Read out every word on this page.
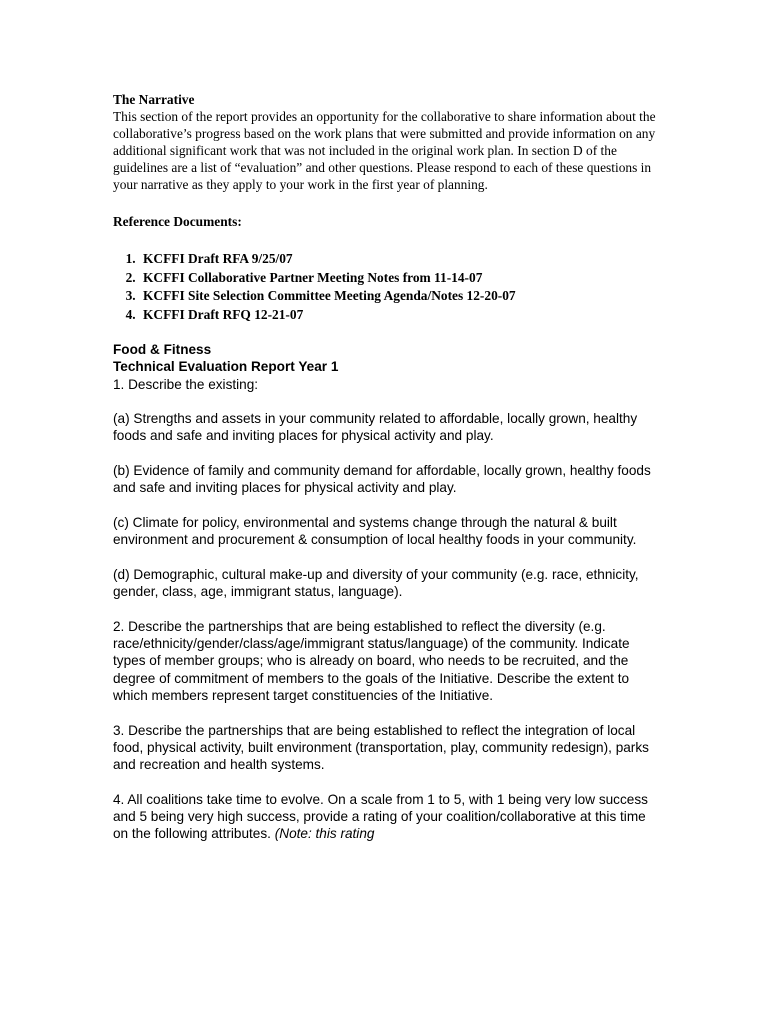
The Narrative

This section of the report provides an opportunity for the collaborative to share information about the collaborative’s progress based on the work plans that were submitted and provide information on any additional significant work that was not included in the original work plan. In section D of the guidelines are a list of “evaluation” and other questions. Please respond to each of these questions in your narrative as they apply to your work in the first year of planning.

Reference Documents:

1. KCFFI Draft RFA 9/25/07
2. KCFFI Collaborative Partner Meeting Notes from 11-14-07
3. KCFFI Site Selection Committee Meeting Agenda/Notes 12-20-07
4. KCFFI Draft RFQ 12-21-07

Food & Fitness

Technical Evaluation Report Year 1

1. Describe the existing:

(a) Strengths and assets in your community related to affordable, locally grown, healthy foods and safe and inviting places for physical activity and play.

(b) Evidence of family and community demand for affordable, locally grown, healthy foods and safe and inviting places for physical activity and play.

(c) Climate for policy, environmental and systems change through the natural & built environment and procurement & consumption of local healthy foods in your community.

(d) Demographic, cultural make-up and diversity of your community (e.g. race, ethnicity, gender, class, age, immigrant status, language).

2. Describe the partnerships that are being established to reflect the diversity (e.g. race/ethnicity/gender/class/age/immigrant status/language) of the community. Indicate types of member groups; who is already on board, who needs to be recruited, and the degree of commitment of members to the goals of the Initiative. Describe the extent to which members represent target constituencies of the Initiative.

3. Describe the partnerships that are being established to reflect the integration of local food, physical activity, built environment (transportation, play, community redesign), parks and recreation and health systems.

4. All coalitions take time to evolve. On a scale from 1 to 5, with 1 being very low success and 5 being very high success, provide a rating of your coalition/collaborative at this time on the following attributes. (Note: this rating
